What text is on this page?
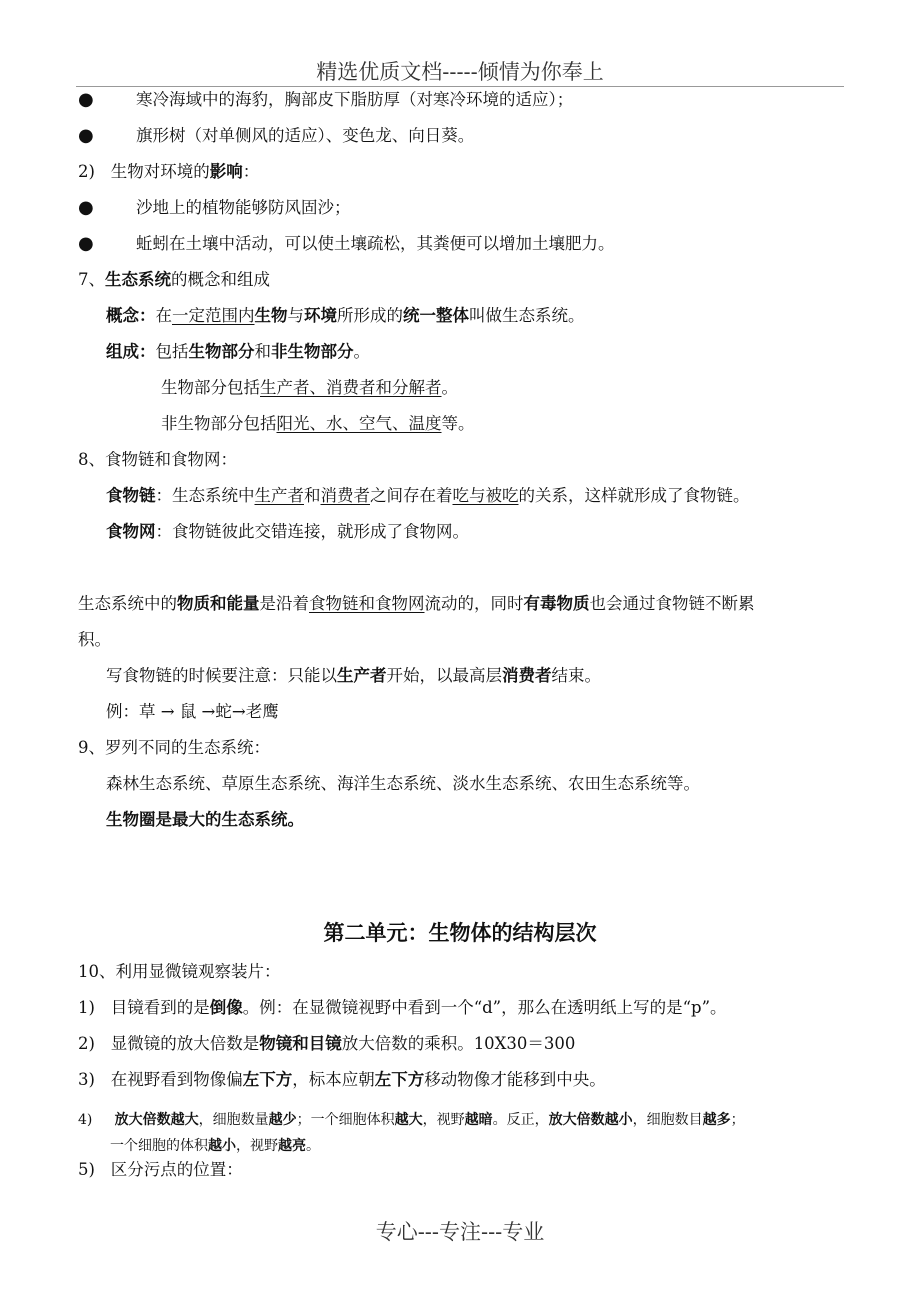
精选优质文档-----倾情为你奉上
●	寒冷海域中的海豹，胸部皮下脂肪厚（对寒冷环境的适应）；
●	旗形树（对单侧风的适应）、变色龙、向日葵。
2) 生物对环境的影响：
●	沙地上的植物能够防风固沙；
●	蚯蚓在土壤中活动，可以使土壤疏松，其粪便可以增加土壤肥力。
7、生态系统的概念和组成
概念：在一定范围内生物与环境所形成的统一整体叫做生态系统。
组成：包括生物部分和非生物部分。
生物部分包括生产者、消费者和分解者。
非生物部分包括阳光、水、空气、温度等。
8、食物链和食物网：
食物链：生态系统中生产者和消费者之间存在着吃与被吃的关系，这样就形成了食物链。
食物网：食物链彼此交错连接，就形成了食物网。
生态系统中的物质和能量是沿着食物链和食物网流动的，同时有毒物质也会通过食物链不断累
积。
写食物链的时候要注意：只能以生产者开始，以最高层消费者结束。
例：草 → 鼠 →蛇→老鹰
9、罗列不同的生态系统：
森林生态系统、草原生态系统、海洋生态系统、淡水生态系统、农田生态系统等。
生物圈是最大的生态系统。
第二单元：生物体的结构层次
10、利用显微镜观察装片：
1) 目镜看到的是倒像。例：在显微镜视野中看到一个“d”，那么在透明纸上写的是“p”。
2) 显微镜的放大倍数是物镜和目镜放大倍数的乘积。10X30＝300
3) 在视野看到物像偏左下方，标本应朝左下方移动物像才能移到中央。
4) 放大倍数越大，细胞数量越少；一个细胞体积越大，视野越暗。反正，放大倍数越小，细胞数目越多；
一个细胞的体积越小，视野越亮。
5) 区分污点的位置：
专心---专注---专业
